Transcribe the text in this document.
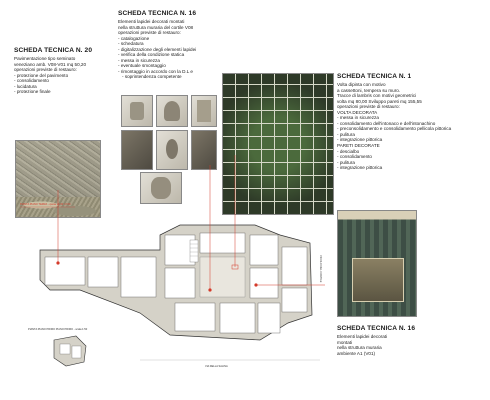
SCHEDA TECNICA N. 20
Pavimentazione tipo seminato
veneziano amb. V08-V01 mq 50,20
operazioni previste di restauro:
- protezione del pavimento
- consolidamento
- lucidatura
- protezione finale
SCHEDA TECNICA N. 16
Elementi lapidei decorati montati
nella struttura muraria del cortile V08
operazioni previste di restauro:
- catalogazione
- schedatura
- digitalizzazione degli elementi lapidei
- verifica della condizione statica
- messa in sicurezza
- eventuale smontaggio
- rimontaggio in accordo con la D.L e
- soprintendenza competente	SCHEDA TECNICA N. 1
Volta dipinta con motivo
a cassettoni, tempera su muro.
Tracce di lambris con motivi geometrici
volta mq 80,00 Sviluppo pareti mq 155,55
operazioni previste di restauro:
VOLTA DECORATA
- messa in sicurezza
- consolidamento dell'intonaco e dell'intonachino
- preconsolidamento e consolidamento pellicola pittorica
- pulitura
- integrazione pittorica
PARETI DECORATE
- descialbo
- consolidamento
- pulitura
- integrazione pittorica
SCHEDA TECNICA N. 16
Elementi lapidei decorati
montati
nella struttura muraria
ambiente A1 (V01)
PIANTA PIANO TERRA - quota +0.00 / 0.50
VIA DELLA SALINA
VICOLO DEL CORTILE
PIANTA PIANO PRIMO PIANO PRIMO - scala 1:50
